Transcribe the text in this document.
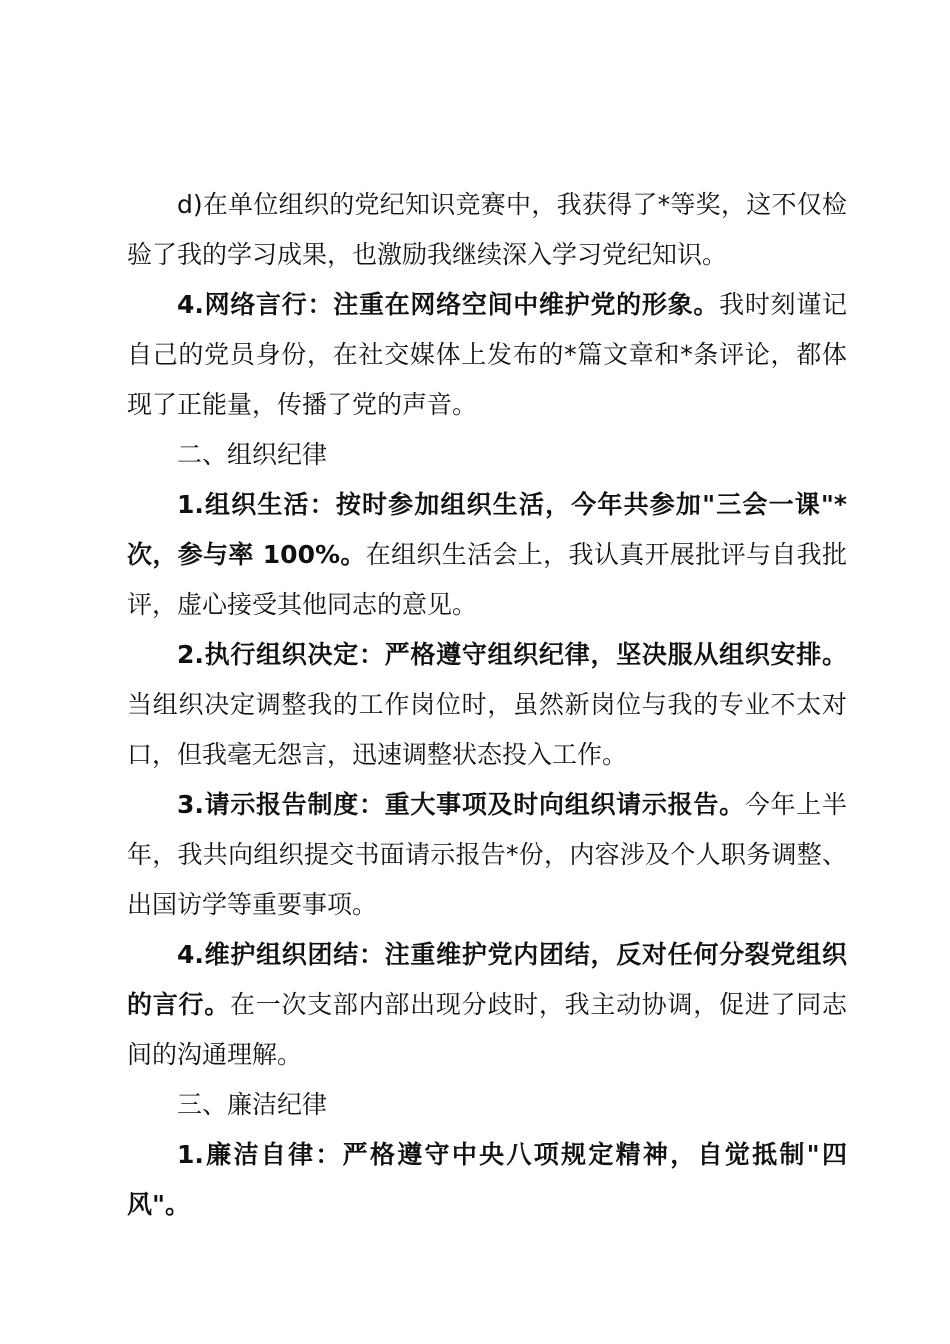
d)在单位组织的党纪知识竞赛中，我获得了*等奖，这不仅检验了我的学习成果，也激励我继续深入学习党纪知识。

4.网络言行：注重在网络空间中维护党的形象。我时刻谨记自己的党员身份，在社交媒体上发布的*篇文章和*条评论，都体现了正能量，传播了党的声音。

二、组织纪律

1.组织生活：按时参加组织生活，今年共参加"三会一课"*次，参与率 100%。在组织生活会上，我认真开展批评与自我批评，虚心接受其他同志的意见。

2.执行组织决定：严格遵守组织纪律，坚决服从组织安排。当组织决定调整我的工作岗位时，虽然新岗位与我的专业不太对口，但我毫无怨言，迅速调整状态投入工作。

3.请示报告制度：重大事项及时向组织请示报告。今年上半年，我共向组织提交书面请示报告*份，内容涉及个人职务调整、出国访学等重要事项。

4.维护组织团结：注重维护党内团结，反对任何分裂党组织的言行。在一次支部内部出现分歧时，我主动协调，促进了同志间的沟通理解。

三、廉洁纪律

1.廉洁自律：严格遵守中央八项规定精神，自觉抵制"四风"。
